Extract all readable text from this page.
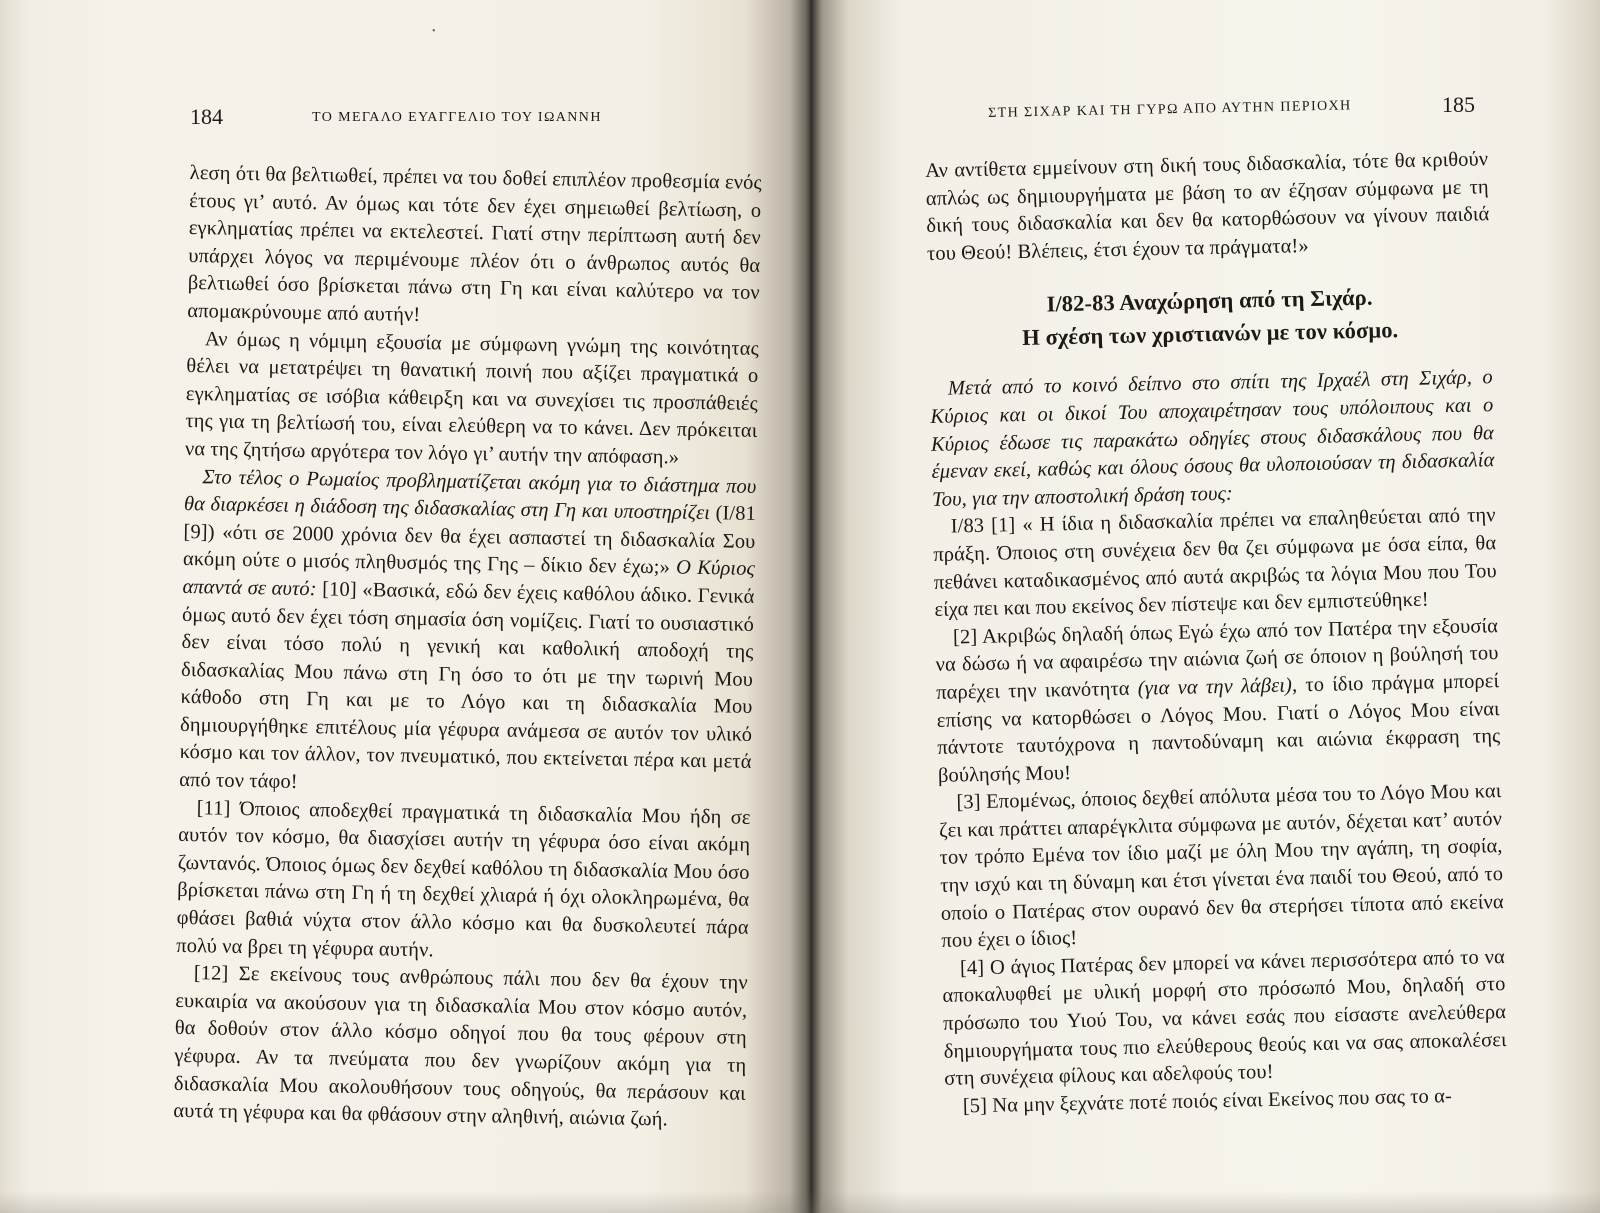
•
184	ΤΟ ΜΕΓΑΛΟ ΕΥΑΓΓΕΛΙΟ ΤΟΥ ΙΩΑΝΝΗ

λεση ότι θα βελτιωθεί, πρέπει να του δοθεί επιπλέον προθεσμία ενός έτους γι’ αυτό. Αν όμως και τότε δεν έχει σημειωθεί βελτίωση, ο εγκληματίας πρέπει να εκτελεστεί. Γιατί στην περίπτωση αυτή δεν υπάρχει λόγος να περιμένουμε πλέον ότι ο άνθρωπος αυτός θα βελτιωθεί όσο βρίσκεται πάνω στη Γη και είναι καλύτερο να τον απομακρύνουμε από αυτήν!

Αν όμως η νόμιμη εξουσία με σύμφωνη γνώμη της κοινότητας θέλει να μετατρέψει τη θανατική ποινή που αξίζει πραγματικά ο εγκληματίας σε ισόβια κάθειρξη και να συνεχίσει τις προσπάθειές της για τη βελτίωσή του, είναι ελεύθερη να το κάνει. Δεν πρόκειται να της ζητήσω αργότερα τον λόγο γι’ αυτήν την απόφαση.»

Στο τέλος ο Ρωμαίος προβληματίζεται ακόμη για το διάστημα που θα διαρκέσει η διάδοση της διδασκαλίας στη Γη και υποστηρίζει (Ι/81 [9]) «ότι σε 2000 χρόνια δεν θα έχει ασπαστεί τη διδασκαλία Σου ακόμη ούτε ο μισός πληθυσμός της Γης – δίκιο δεν έχω;» Ο Κύριος απαντά σε αυτό: [10] «Βασικά, εδώ δεν έχεις καθόλου άδικο. Γενικά όμως αυτό δεν έχει τόση σημασία όση νομίζεις. Γιατί το ουσιαστικό δεν είναι τόσο πολύ η γενική και καθολική αποδοχή της διδασκαλίας Μου πάνω στη Γη όσο το ότι με την τωρινή Μου κάθοδο στη Γη και με το Λόγο και τη διδασκαλία Μου δημιουργήθηκε επιτέλους μία γέφυρα ανάμεσα σε αυτόν τον υλικό κόσμο και τον άλλον, τον πνευματικό, που εκτείνεται πέρα και μετά από τον τάφο!

[11] Όποιος αποδεχθεί πραγματικά τη διδασκαλία Μου ήδη σε αυτόν τον κόσμο, θα διασχίσει αυτήν τη γέφυρα όσο είναι ακόμη ζωντανός. Όποιος όμως δεν δεχθεί καθόλου τη διδασκαλία Μου όσο βρίσκεται πάνω στη Γη ή τη δεχθεί χλιαρά ή όχι ολοκληρωμένα, θα φθάσει βαθιά νύχτα στον άλλο κόσμο και θα δυσκολευτεί πάρα πολύ να βρει τη γέφυρα αυτήν.

[12] Σε εκείνους τους ανθρώπους πάλι που δεν θα έχουν την ευκαιρία να ακούσουν για τη διδασκαλία Μου στον κόσμο αυτόν, θα δοθούν στον άλλο κόσμο οδηγοί που θα τους φέρουν στη γέφυρα. Αν τα πνεύματα που δεν γνωρίζουν ακόμη για τη διδασκαλία Μου ακολουθήσουν τους οδηγούς, θα περάσουν και αυτά τη γέφυρα και θα φθάσουν στην αληθινή, αιώνια ζωή.

ΣΤΗ ΣΙΧΑΡ ΚΑΙ ΤΗ ΓΥΡΩ ΑΠΟ ΑΥΤΗΝ ΠΕΡΙΟΧΗ	185

Αν αντίθετα εμμείνουν στη δική τους διδασκαλία, τότε θα κριθούν απλώς ως δημιουργήματα με βάση το αν έζησαν σύμφωνα με τη δική τους διδασκαλία και δεν θα κατορθώσουν να γίνουν παιδιά του Θεού! Βλέπεις, έτσι έχουν τα πράγματα!»

Ι/82-83 Αναχώρηση από τη Σιχάρ.
Η σχέση των χριστιανών με τον κόσμο.

Μετά από το κοινό δείπνο στο σπίτι της Ιρχαέλ στη Σιχάρ, ο Κύριος και οι δικοί Του αποχαιρέτησαν τους υπόλοιπους και ο Κύριος έδωσε τις παρακάτω οδηγίες στους διδασκάλους που θα έμεναν εκεί, καθώς και όλους όσους θα υλοποιούσαν τη διδασκαλία Του, για την αποστολική δράση τους:

Ι/83 [1] « Η ίδια η διδασκαλία πρέπει να επαληθεύεται από την πράξη. Όποιος στη συνέχεια δεν θα ζει σύμφωνα με όσα είπα, θα πεθάνει καταδικασμένος από αυτά ακριβώς τα λόγια Μου που Του είχα πει και που εκείνος δεν πίστεψε και δεν εμπιστεύθηκε!

[2] Ακριβώς δηλαδή όπως Εγώ έχω από τον Πατέρα την εξουσία να δώσω ή να αφαιρέσω την αιώνια ζωή σε όποιον η βούλησή του παρέχει την ικανότητα (για να την λάβει), το ίδιο πράγμα μπορεί επίσης να κατορθώσει ο Λόγος Μου. Γιατί ο Λόγος Μου είναι πάντοτε ταυτόχρονα η παντοδύναμη και αιώνια έκφραση της βούλησής Μου!

[3] Επομένως, όποιος δεχθεί απόλυτα μέσα του το Λόγο Μου και ζει και πράττει απαρέγκλιτα σύμφωνα με αυτόν, δέχεται κατ’ αυτόν τον τρόπο Εμένα τον ίδιο μαζί με όλη Μου την αγάπη, τη σοφία, την ισχύ και τη δύναμη και έτσι γίνεται ένα παιδί του Θεού, από το οποίο ο Πατέρας στον ουρανό δεν θα στερήσει τίποτα από εκείνα που έχει ο ίδιος!

[4] Ο άγιος Πατέρας δεν μπορεί να κάνει περισσότερα από το να αποκαλυφθεί με υλική μορφή στο πρόσωπό Μου, δηλαδή στο πρόσωπο του Υιού Του, να κάνει εσάς που είσαστε ανελεύθερα δημιουργήματα τους πιο ελεύθερους θεούς και να σας αποκαλέσει στη συνέχεια φίλους και αδελφούς του!

[5] Να μην ξεχνάτε ποτέ ποιός είναι Εκείνος που σας το α-
